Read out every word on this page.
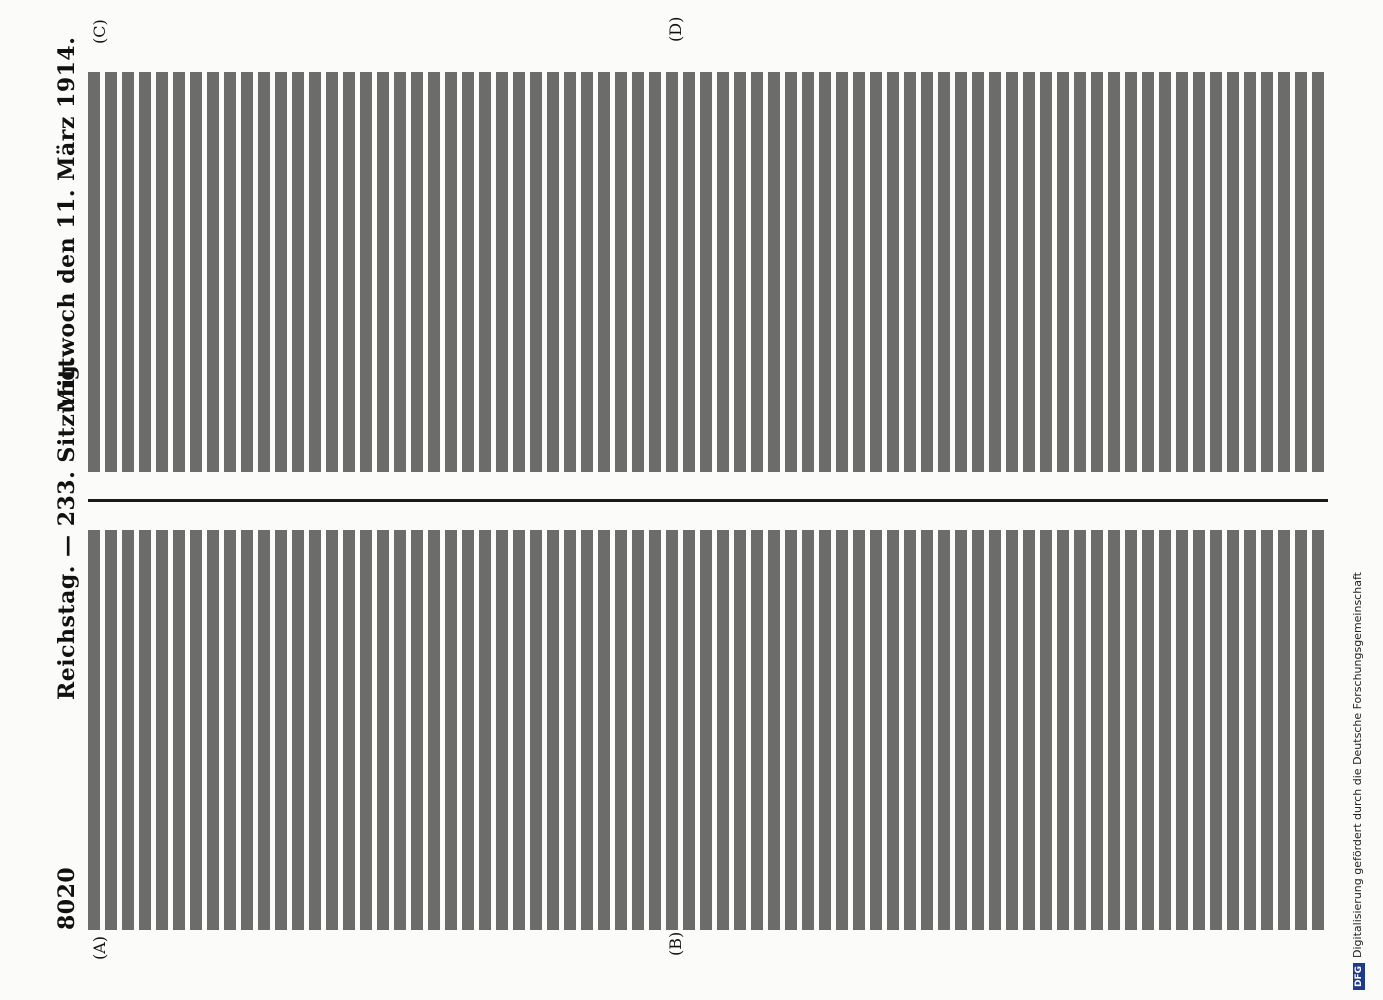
8020
Reichstag. — 233. Sitzung.
Mittwoch den 11. März 1914.
(A)	(B)
(C)	(D)
DFGDigitalisierung gefördert durch die Deutsche Forschungsgemeinschaft
